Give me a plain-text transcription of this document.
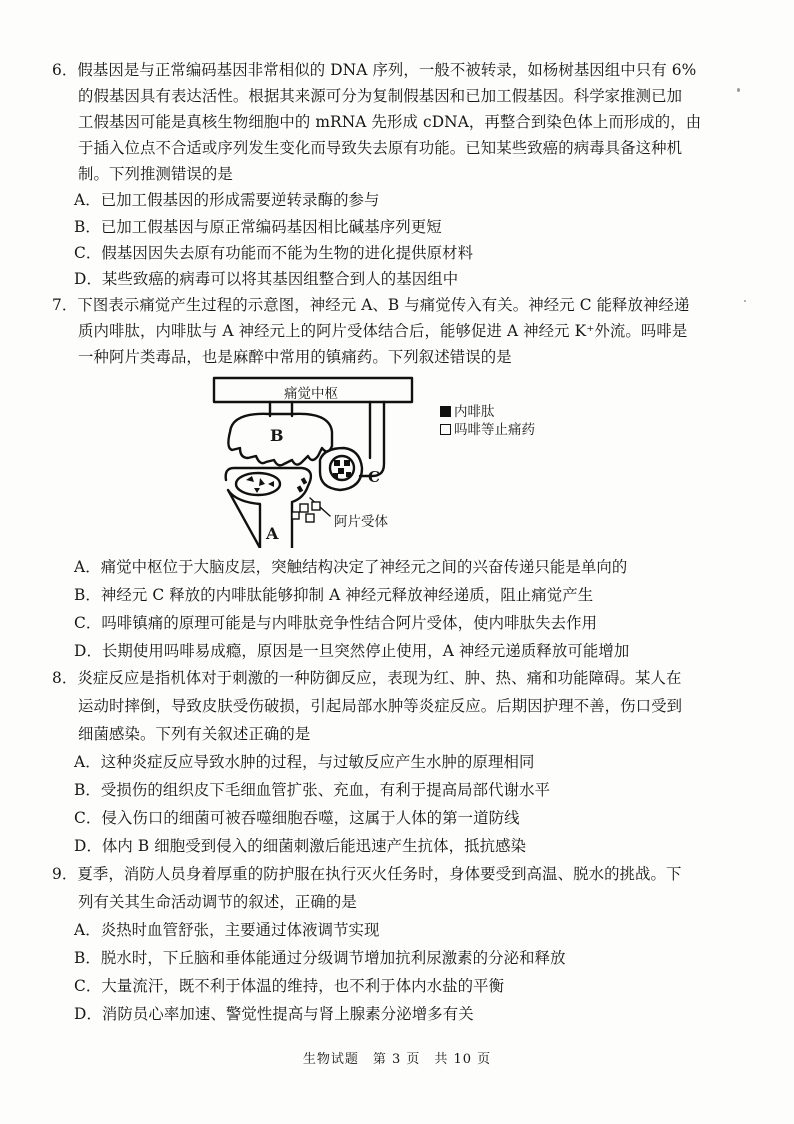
6．假基因是与正常编码基因非常相似的 DNA 序列，一般不被转录，如杨树基因组中只有 6%
的假基因具有表达活性。根据其来源可分为复制假基因和已加工假基因。科学家推测已加
工假基因可能是真核生物细胞中的 mRNA 先形成 cDNA，再整合到染色体上而形成的，由
于插入位点不合适或序列发生变化而导致失去原有功能。已知某些致癌的病毒具备这种机
制。下列推测错误的是
A．已加工假基因的形成需要逆转录酶的参与
B．已加工假基因与原正常编码基因相比碱基序列更短
C．假基因因失去原有功能而不能为生物的进化提供原材料
D．某些致癌的病毒可以将其基因组整合到人的基因组中
7．下图表示痛觉产生过程的示意图，神经元 A、B 与痛觉传入有关。神经元 C 能释放神经递
质内啡肽，内啡肽与 A 神经元上的阿片受体结合后，能够促进 A 神经元 K⁺外流。吗啡是
一种阿片类毒品，也是麻醉中常用的镇痛药。下列叙述错误的是
痛觉中枢
B
A
C
阿片受体
内啡肽
吗啡等止痛药
A．痛觉中枢位于大脑皮层，突触结构决定了神经元之间的兴奋传递只能是单向的
B．神经元 C 释放的内啡肽能够抑制 A 神经元释放神经递质，阻止痛觉产生
C．吗啡镇痛的原理可能是与内啡肽竞争性结合阿片受体，使内啡肽失去作用
D．长期使用吗啡易成瘾，原因是一旦突然停止使用，A 神经元递质释放可能增加
8．炎症反应是指机体对于刺激的一种防御反应，表现为红、肿、热、痛和功能障碍。某人在
运动时摔倒，导致皮肤受伤破损，引起局部水肿等炎症反应。后期因护理不善，伤口受到
细菌感染。下列有关叙述正确的是
A．这种炎症反应导致水肿的过程，与过敏反应产生水肿的原理相同
B．受损伤的组织皮下毛细血管扩张、充血，有利于提高局部代谢水平
C．侵入伤口的细菌可被吞噬细胞吞噬，这属于人体的第一道防线
D．体内 B 细胞受到侵入的细菌刺激后能迅速产生抗体，抵抗感染
9．夏季，消防人员身着厚重的防护服在执行灭火任务时，身体要受到高温、脱水的挑战。下
列有关其生命活动调节的叙述，正确的是
A．炎热时血管舒张，主要通过体液调节实现
B．脱水时，下丘脑和垂体能通过分级调节增加抗利尿激素的分泌和释放
C．大量流汗，既不利于体温的维持，也不利于体内水盐的平衡
D．消防员心率加速、警觉性提高与肾上腺素分泌增多有关
生物试题　第 3 页　共 10 页
